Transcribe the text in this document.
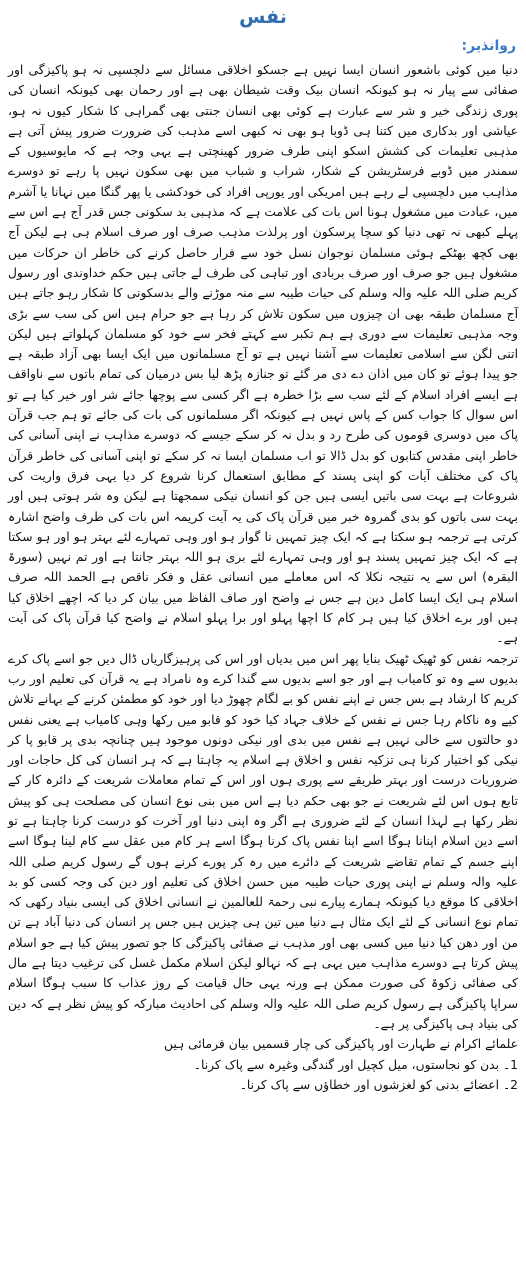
نفس
روانذیر:

دنیا میں کوئی باشعور انسان ایسا نہیں ہے جسکو اخلاقی مسائل سے دلچسپی نہ ہو پاکیزگی اور صفائی سے پیار نہ ہو کیونکہ انسان بیک وقت شیطان بھی ہے اور رحمان بھی کیونکہ انسان کی پوری زندگی خیر و شر سے عبارت ہے کوئی بھی انسان جنتی بھی گمراہی کا شکار کیوں نہ ہو، عیاشی اور بدکاری میں کتنا ہی ڈوبا ہو بھی نہ کبھی اسے مذہب کی ضرورت ضرور پیش آتی ہے مذہبی تعلیمات کی کشش اسکو اپنی طرف ضرور کھینچتی ہے یہی وجہ ہے کہ مایوسیوں کے سمندر میں ڈوبے فرسٹریشن کے شکار، شراب و شباب میں بھی سکون نہیں پا رہے تو دوسرے مذاہب میں دلچسپی لے رہے ہیں امریکی اور یورپی افراد کی خودکشی یا پھر گنگا میں نہانا یا آشرم میں، عبادت میں مشغول ہونا اس بات کی علامت ہے کہ مذہبی بد سکونی جس قدر آج ہے اس سے پہلے کبھی نہ تھی دنیا کو سچا پرسکون اور پرلذت مذہب صرف اور صرف اسلام ہی ہے لیکن آج بھی کچھ بھٹکے ہوئی مسلمان نوجوان نسل خود سے فرار حاصل کرنے کی خاطر ان حرکات میں مشغول ہیں جو صرف اور صرف بربادی اور تباہی کی طرف لے جاتی ہیں حکم خداوندی اور رسول کریم صلی اللہ علیہ والہ وسلم کی حیات طیبہ سے منہ موڑنے والے بدسکونی کا شکار رہو جاتے ہیں آج مسلمان طبقہ بھی ان چیزوں میں سکون تلاش کر رہا ہے جو حرام ہیں اس کی سب سے بڑی وجہ مذہبی تعلیمات سے دوری ہے ہم تکبر سے کہتے فخر سے خود کو مسلمان کہلواتے ہیں لیکن اتنی لگن سے اسلامی تعلیمات سے آشنا نہیں ہے تو آج مسلمانوں میں ایک ایسا بھی آزاد طبقہ ہے جو پیدا ہوئے تو کان میں اذان دے دی مر گئے تو جنازہ پڑھ لیا بس درمیان کی تمام باتوں سے ناواقف ہے ایسے افراد اسلام کے لئے سب سے بڑا خطرہ ہے اگر کسی سے پوچھا جائے شر اور خیر کیا ہے تو اس سوال کا جواب کس کے پاس نہیں ہے کیونکہ اگر مسلمانوں کی بات کی جائے تو ہم جب قرآن پاک میں دوسری قوموں کی طرح رد و بدل نہ کر سکے جیسے کہ دوسرے مذاہب نے اپنی آسانی کی خاطر اپنی مقدس کتابوں کو بدل ڈالا تو اب مسلمان ایسا نہ کر سکے تو اپنی آسانی کی خاطر قرآن پاک کی مختلف آیات کو اپنی پسند کے مطابق استعمال کرنا شروع کر دیا یہی فرق واریت کی شروعات ہے بہت سی باتیں ایسی ہیں جن کو انسان نیکی سمجھتا ہے لیکن وہ شر ہوتی ہیں اور بہت سی باتوں کو بدی گمروہ خبر میں قرآن پاک کی یہ آیت کریمہ اس بات کی طرف واضح اشارہ کرتی ہے ترجمہ ہو سکتا ہے کہ ایک چیز تمہیں نا گوار ہو اور وہی تمہارے لئے بہتر ہو اور ہو سکتا ہے کہ ایک چیز تمہیں پسند ہو اور وہی تمہارے لئے بری ہو اللہ بہتر جانتا ہے اور تم نہیں (سورۃ البقرہ) اس سے یہ نتیجہ نکلا کہ اس معاملے میں انسانی عقل و فکر ناقص ہے الحمد اللہ صرف اسلام ہی ایک ایسا کامل دین ہے جس نے واضح اور صاف الفاظ میں بیان کر دیا کہ اچھے اخلاق کیا ہیں اور برے اخلاق کیا ہیں ہر کام کا اچھا پہلو اور برا پہلو اسلام نے واضح کیا قرآن پاک کی آیت ہے۔

ترجمہ نفس کو ٹھیک ٹھیک بنایا پھر اس میں بدیاں اور اس کی پرہیزگاریاں ڈال دیں جو اسے پاک کرے بدیوں سے وہ تو کامیاب ہے اور جو اسے بدیوں سے گندا کرے وہ نامراد ہے یہ قرآن کی تعلیم اور رب کریم کا ارشاد ہے بس جس نے اپنے نفس کو بے لگام چھوڑ دیا اور خود کو مطمئن کرنے کے بہانے تلاش کیے وہ ناکام رہا جس نے نفس کے خلاف جہاد کیا خود کو قابو میں رکھا وہی کامیاب ہے یعنی نفس دو حالتوں سے خالی نہیں ہے نفس میں بدی اور نیکی دونوں موجود ہیں چنانچہ بدی پر قابو پا کر نیکی کو اختیار کرنا ہی تزکیہ نفس و اخلاق ہے اسلام یہ چاہتا ہے کہ ہر انسان کی کل حاجات اور ضروریات درست اور بہتر طریقے سے پوری ہوں اور اس کے تمام معاملات شریعت کے دائرہ کار کے تابع ہوں اس لئے شریعت نے جو بھی حکم دیا ہے اس میں بنی نوع انسان کی مصلحت ہی کو پیش نظر رکھا ہے لہذا انسان کے لئے ضروری ہے اگر وہ اپنی دنیا اور آخرت کو درست کرنا چاہتا ہے تو اسے دین اسلام اپنانا ہوگا اسے اپنا نفس پاک کرنا ہوگا اسے ہر کام میں عقل سے کام لینا ہوگا اسے اپنے جسم کے تمام تقاضے شریعت کے دائرے میں رہ کر پورے کرنے ہوں گے رسول کریم صلی اللہ علیہ والہ وسلم نے اپنی پوری حیات طیبہ میں حسن اخلاق کی تعلیم اور دین کی وجہ کسی کو بد اخلاقی کا موقع دیا کیونکہ ہمارے پیارے نبی رحمۃ للعالمین نے انسانی اخلاق کی ایسی بنیاد رکھی کہ تمام نوع انسانی کے لئے ایک مثال ہے دنیا میں تین ہی چیزیں ہیں جس پر انسان کی دنیا آباد ہے تن من اور دھن کیا دنیا میں کسی بھی اور مذہب نے صفائی پاکیزگی کا جو تصور پیش کیا ہے جو اسلام پیش کرتا ہے دوسرے مذاہب میں یہی ہے کہ نہالو لیکن اسلام مکمل غسل کی ترغیب دیتا ہے مال کی صفائی زکوۃ کی صورت ممکن ہے ورنہ یہی حال قیامت کے روز عذاب کا سبب ہوگا اسلام سراپا پاکیزگی ہے رسول کریم صلی اللہ علیہ والہ وسلم کی احادیث مبارکہ کو پیش نظر ہے کہ دین کی بنیاد ہی پاکیزگی پر ہے۔

علمائے اکرام نے طہارت اور پاکیزگی کی چار قسمیں بیان فرمائی ہیں

1۔ بدن کو نجاستوں، میل کچیل اور گندگی وغیرہ سے پاک کرنا۔

2۔ اعضائے بدنی کو لغزشوں اور خطاؤں سے پاک کرنا۔
